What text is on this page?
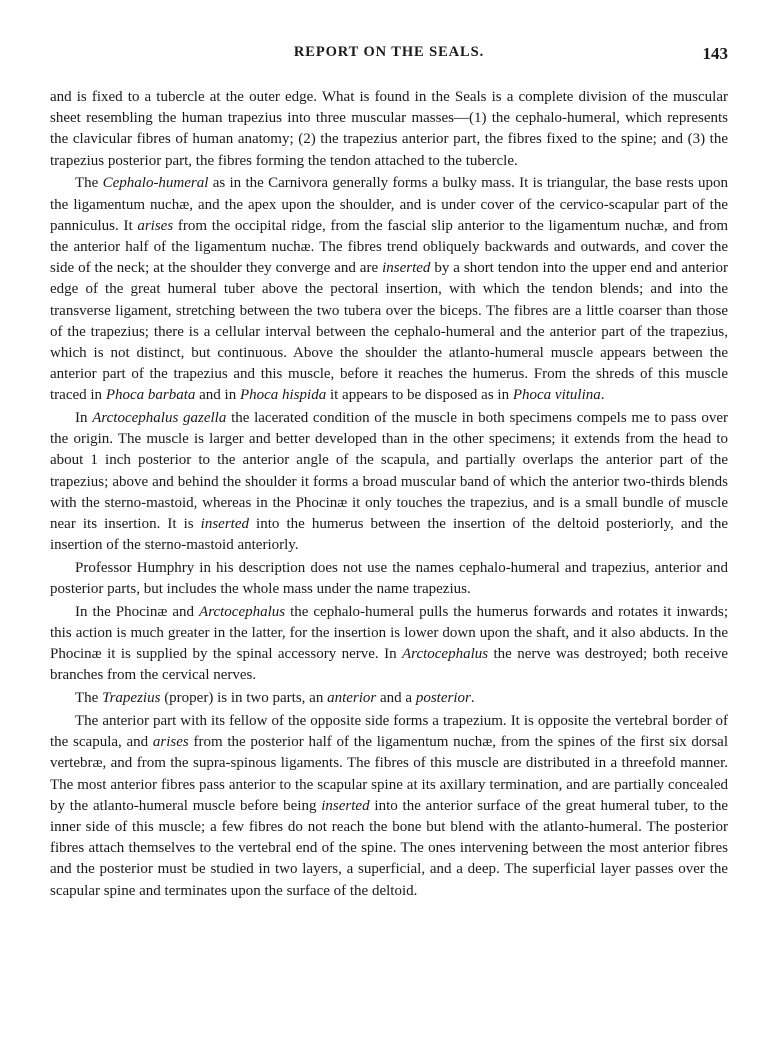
REPORT ON THE SEALS.	143

and is fixed to a tubercle at the outer edge. What is found in the Seals is a complete division of the muscular sheet resembling the human trapezius into three muscular masses—(1) the cephalo-humeral, which represents the clavicular fibres of human anatomy; (2) the trapezius anterior part, the fibres fixed to the spine; and (3) the trapezius posterior part, the fibres forming the tendon attached to the tubercle.

The Cephalo-humeral as in the Carnivora generally forms a bulky mass. It is triangular, the base rests upon the ligamentum nuchæ, and the apex upon the shoulder, and is under cover of the cervico-scapular part of the panniculus. It arises from the occipital ridge, from the fascial slip anterior to the ligamentum nuchæ, and from the anterior half of the ligamentum nuchæ. The fibres trend obliquely backwards and outwards, and cover the side of the neck; at the shoulder they converge and are inserted by a short tendon into the upper end and anterior edge of the great humeral tuber above the pectoral insertion, with which the tendon blends; and into the transverse ligament, stretching between the two tubera over the biceps. The fibres are a little coarser than those of the trapezius; there is a cellular interval between the cephalo-humeral and the anterior part of the trapezius, which is not distinct, but continuous. Above the shoulder the atlanto-humeral muscle appears between the anterior part of the trapezius and this muscle, before it reaches the humerus. From the shreds of this muscle traced in Phoca barbata and in Phoca hispida it appears to be disposed as in Phoca vitulina.

In Arctocephalus gazella the lacerated condition of the muscle in both specimens compels me to pass over the origin. The muscle is larger and better developed than in the other specimens; it extends from the head to about 1 inch posterior to the anterior angle of the scapula, and partially overlaps the anterior part of the trapezius; above and behind the shoulder it forms a broad muscular band of which the anterior two-thirds blends with the sterno-mastoid, whereas in the Phocinæ it only touches the trapezius, and is a small bundle of muscle near its insertion. It is inserted into the humerus between the insertion of the deltoid posteriorly, and the insertion of the sterno-mastoid anteriorly.

Professor Humphry in his description does not use the names cephalo-humeral and trapezius, anterior and posterior parts, but includes the whole mass under the name trapezius.

In the Phocinæ and Arctocephalus the cephalo-humeral pulls the humerus forwards and rotates it inwards; this action is much greater in the latter, for the insertion is lower down upon the shaft, and it also abducts. In the Phocinæ it is supplied by the spinal accessory nerve. In Arctocephalus the nerve was destroyed; both receive branches from the cervical nerves.

The Trapezius (proper) is in two parts, an anterior and a posterior.

The anterior part with its fellow of the opposite side forms a trapezium. It is opposite the vertebral border of the scapula, and arises from the posterior half of the ligamentum nuchæ, from the spines of the first six dorsal vertebræ, and from the supra-spinous ligaments. The fibres of this muscle are distributed in a threefold manner. The most anterior fibres pass anterior to the scapular spine at its axillary termination, and are partially concealed by the atlanto-humeral muscle before being inserted into the anterior surface of the great humeral tuber, to the inner side of this muscle; a few fibres do not reach the bone but blend with the atlanto-humeral. The posterior fibres attach themselves to the vertebral end of the spine. The ones intervening between the most anterior fibres and the posterior must be studied in two layers, a superficial, and a deep. The superficial layer passes over the scapular spine and terminates upon the surface of the deltoid.
